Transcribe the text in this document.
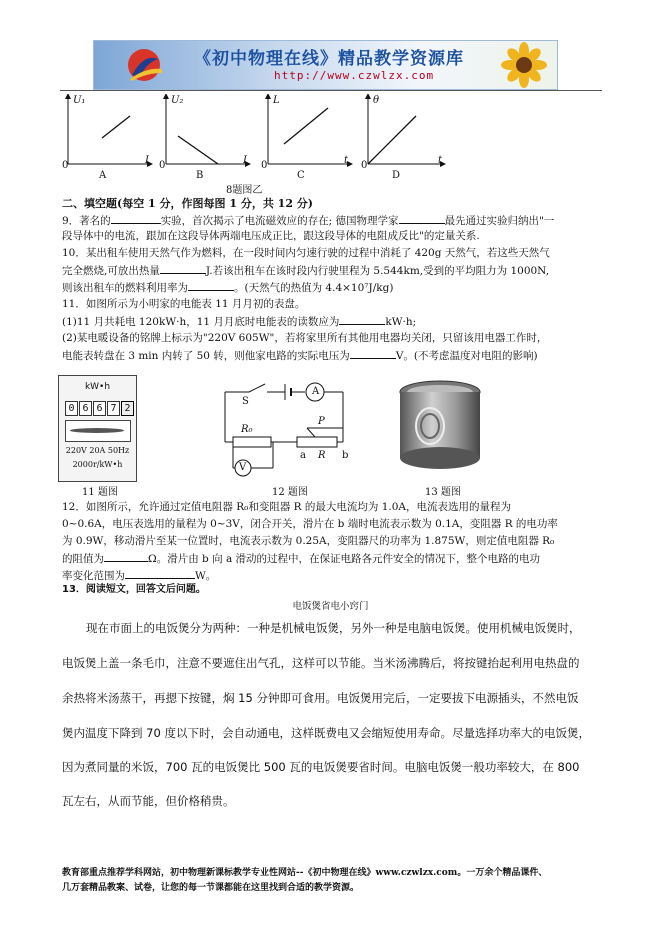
《初中物理在线》精品教学资源库
http://www.czwlzx.com
U₁	U₂	L	θ
I	I	t	t
0	0	0	0
A	B	C	D
8题图乙
二、填空题(每空 1 分，作图每图 1 分，共 12 分)
9．著名的	实验，首次揭示了电流磁效应的存在; 德国物理学家	最先通过实验归纳出"一
段导体中的电流，跟加在这段导体两端电压成正比，跟这段导体的电阻成反比"的定量关系.
10．某出租车使用天然气作为燃料，在一段时间内匀速行驶的过程中消耗了 420g 天然气，若这些天然气
完全燃烧,可放出热量	J.若该出租车在该时段内行驶里程为 5.544km,受到的平均阻力为 1000N,
则该出租车的燃料利用率为	。(天然气的热值为 4.4×10⁷J/kg)
11．如图所示为小明家的电能表 11 月月初的表盘。
(1)11 月共耗电 120kW·h，11 月月底时电能表的读数应为	kW·h;
(2)某电暖设备的铭牌上标示为"220V 605W"，若将家里所有其他用电器均关闭，只留该用电器工作时，
电能表转盘在 3 min 内转了 50 转，则他家电路的实际电压为	V。(不考虑温度对电阻的影响)
kW•h
0 6 6 7 2
220V 20A 50Hz
2000r/kW•h
11 题图
S
A
V
R₀
R
P
a	b
12 题图	13 题图
12．如图所示，允许通过定值电阻器 R₀和变阻器 R 的最大电流均为 1.0A，电流表选用的量程为
0~0.6A，电压表选用的量程为 0~3V，闭合开关，滑片在 b 端时电流表示数为 0.1A，变阻器 R 的电功率
为 0.9W，移动滑片至某一位置时，电流表示数为 0.25A，变阻器尺的功率为 1.875W，则定值电阻器 R₀
的阻值为	Ω。滑片由 b 向 a 滑动的过程中，在保证电路各元件安全的情况下，整个电路的电功
率变化范围为	W。
13．阅读短文，回答文后问题。
电饭煲省电小窍门
现在市面上的电饭煲分为两种：一种是机械电饭煲，另外一种是电脑电饭煲。使用机械电饭煲时，
电饭煲上盖一条毛巾，注意不要遮住出气孔，这样可以节能。当米汤沸腾后，将按键抬起利用电热盘的
余热将米汤蒸干，再摁下按键，焖 15 分钟即可食用。电饭煲用完后，一定要拔下电源插头，不然电饭
煲内温度下降到 70 度以下时，会自动通电，这样既费电又会缩短使用寿命。尽量选择功率大的电饭煲，
因为煮同量的米饭，700 瓦的电饭煲比 500 瓦的电饭煲要省时间。电脑电饭煲一般功率较大，在 800
瓦左右，从而节能，但价格稍贵。
教育部重点推荐学科网站，初中物理新课标教学专业性网站--《初中物理在线》www.czwlzx.com。一万余个精品课件、
几万套精品教案、试卷，让您的每一节课都能在这里找到合适的教学资源。
